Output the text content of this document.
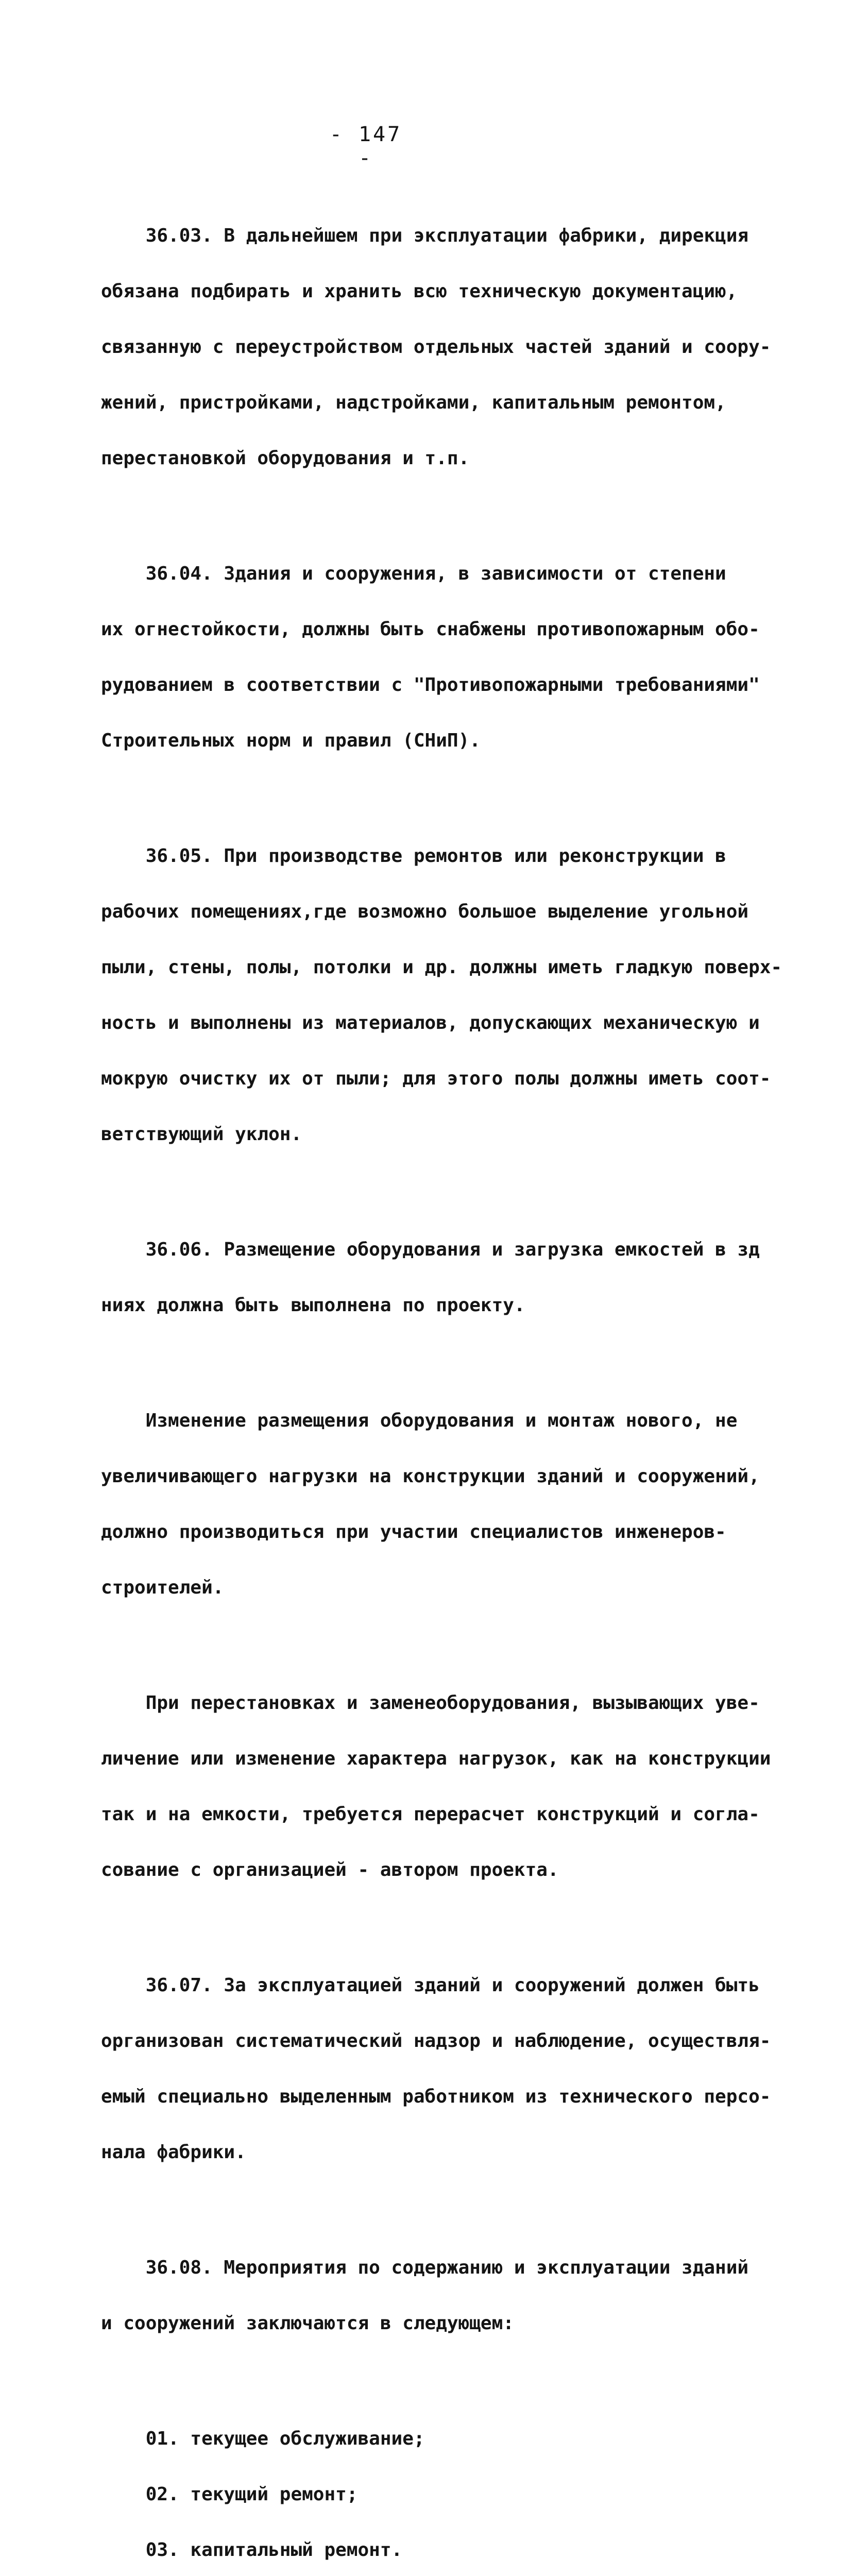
- 147 -

36.03. В дальнейшем при эксплуатации фабрики, дирекция

обязана подбирать и хранить всю техническую документацию,

связанную с переустройством отдельных частей зданий и соору-

жений, пристройками, надстройками, капитальным ремонтом,

перестановкой оборудования и т.п.

36.04. Здания и сооружения, в зависимости от степени

их огнестойкости, должны быть снабжены противопожарным обо-

рудованием в соответствии с "Противопожарными требованиями"

Строительных норм и правил (СНиП).

36.05. При производстве ремонтов или реконструкции в

рабочих помещениях,где возможно большое выделение угольной

пыли, стены, полы, потолки и др. должны иметь гладкую поверх-

ность и выполнены из материалов, допускающих механическую и

мокрую очистку их от пыли; для этого полы должны иметь соот-

ветствующий уклон.

36.06. Размещение оборудования и загрузка емкостей в зд

ниях должна быть выполнена по проекту.

Изменение размещения оборудования и монтаж нового, не

увеличивающего нагрузки на конструкции зданий и сооружений,

должно производиться при участии специалистов инженеров-

строителей.

При перестановках и заменеоборудования, вызывающих уве-

личение или изменение характера нагрузок, как на конструкции

так и на емкости, требуется перерасчет конструкций и согла-

сование с организацией - автором проекта.

36.07. За эксплуатацией зданий и сооружений должен быть

организован систематический надзор и наблюдение, осуществля-

емый специально выделенным работником из технического персо-

нала фабрики.

36.08. Мероприятия по содержанию и эксплуатации зданий

и сооружений заключаются в следующем:

01. текущее обслуживание;

02. текущий ремонт;

03. капитальный ремонт.
